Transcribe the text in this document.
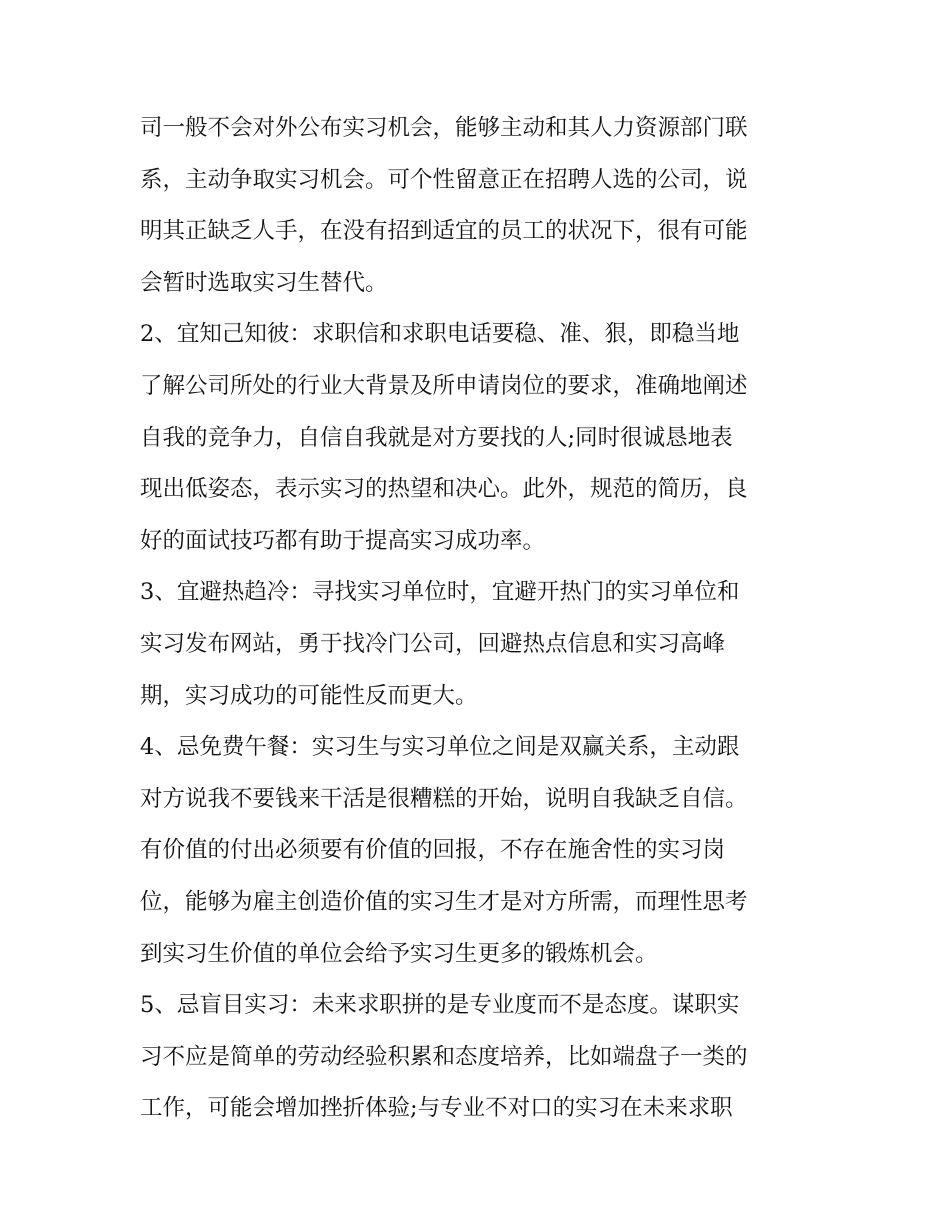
司一般不会对外公布实习机会，能够主动和其人力资源部门联
系，主动争取实习机会。可个性留意正在招聘人选的公司，说
明其正缺乏人手，在没有招到适宜的员工的状况下，很有可能
会暂时选取实习生替代。
2、宜知己知彼：求职信和求职电话要稳、准、狠，即稳当地
了解公司所处的行业大背景及所申请岗位的要求，准确地阐述
自我的竞争力，自信自我就是对方要找的人;同时很诚恳地表
现出低姿态，表示实习的热望和决心。此外，规范的简历，良
好的面试技巧都有助于提高实习成功率。
3、宜避热趋冷：寻找实习单位时，宜避开热门的实习单位和
实习发布网站，勇于找冷门公司，回避热点信息和实习高峰
期，实习成功的可能性反而更大。
4、忌免费午餐：实习生与实习单位之间是双赢关系，主动跟
对方说我不要钱来干活是很糟糕的开始，说明自我缺乏自信。
有价值的付出必须要有价值的回报，不存在施舍性的实习岗
位，能够为雇主创造价值的实习生才是对方所需，而理性思考
到实习生价值的单位会给予实习生更多的锻炼机会。
5、忌盲目实习：未来求职拼的是专业度而不是态度。谋职实
习不应是简单的劳动经验积累和态度培养，比如端盘子一类的
工作，可能会增加挫折体验;与专业不对口的实习在未来求职
